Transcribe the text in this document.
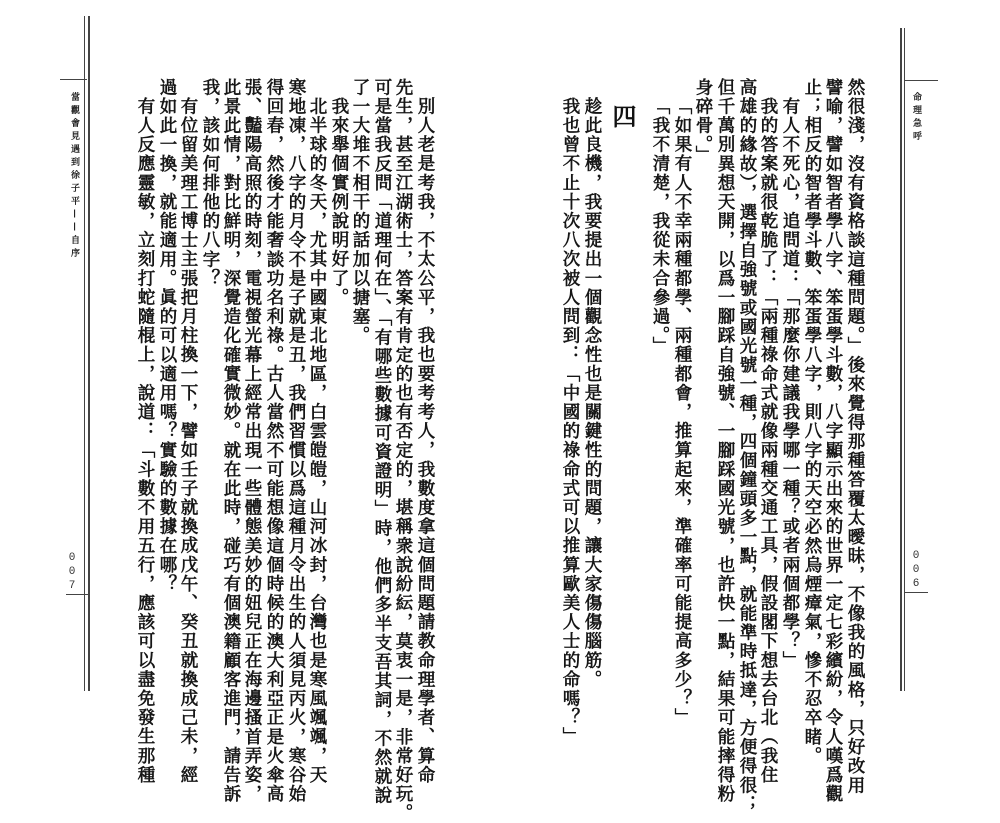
當觀會見遇到徐子平——自序
007	別人老是考我，不太公平，我也要考考人，我數度拿這個問題請教命理學者、算命
先生，甚至江湖術士，答案有肯定的也有否定的，堪稱衆說紛紜，莫衷一是，非常好玩。
可是當我反問「道理何在」、「有哪些數據可資證明」時，他們多半支吾其詞，不然就說
了一大堆不相干的話加以搪塞。
我來舉個實例說明好了。
北半球的冬天，尤其中國東北地區，白雲皚皚，山河冰封，台灣也是寒風颯颯，天
寒地凍，八字的月令不是子就是丑，我們習慣以爲這種月令出生的人須見丙火，寒谷始
得回春，然後才能奢談功名利祿。古人當然不可能想像這個時候的澳大利亞正是火傘高
張、豔陽高照的時刻，電視螢光幕上經常出現一些體態美妙的妞兒正在海邊搔首弄姿，
此景此情，對比鮮明，深覺造化確實微妙。就在此時，碰巧有個澳籍顧客進門，請告訴
我，該如何排他的八字？
有位留美理工博士主張把月柱換一下，譬如壬子就換成戊午、癸丑就換成己未，經
過如此一換，就能適用。眞的可以適用嗎？實驗的數據在哪？
有人反應靈敏，立刻打蛇隨棍上，說道：「斗數不用五行，應該可以盡免發生那種	命理急呼
006
然很淺，沒有資格談這種問題。」後來覺得那種答覆太曖昧，不像我的風格，只好改用
譬喻，譬如智者學八字、笨蛋學斗數，八字顯示出來的世界一定七彩繽紛，令人嘆爲觀
止；相反的智者學斗數、笨蛋學八字，則八字的天空必然烏煙瘴氣，慘不忍卒睹。
有人不死心，追問道：「那麼你建議我學哪一種？或者兩個都學？」
我的答案就很乾脆了：「兩種祿命式就像兩種交通工具，假設閣下想去台北（我住
高雄的緣故），選擇自強號或國光號一種，四個鐘頭多一點，就能準時抵達，方便得很；
但千萬別異想天開，以爲一腳踩自強號、一腳踩國光號，也許快一點，結果可能摔得粉
身碎骨。」
「如果有人不幸兩種都學、兩種都會，推算起來，準確率可能提高多少？」
「我不清楚，我從未合參過。」
四
趁此良機，我要提出一個觀念性也是關鍵性的問題，讓大家傷傷腦筋。
我也曾不止十次八次被人問到：「中國的祿命式可以推算歐美人士的命嗎？」
